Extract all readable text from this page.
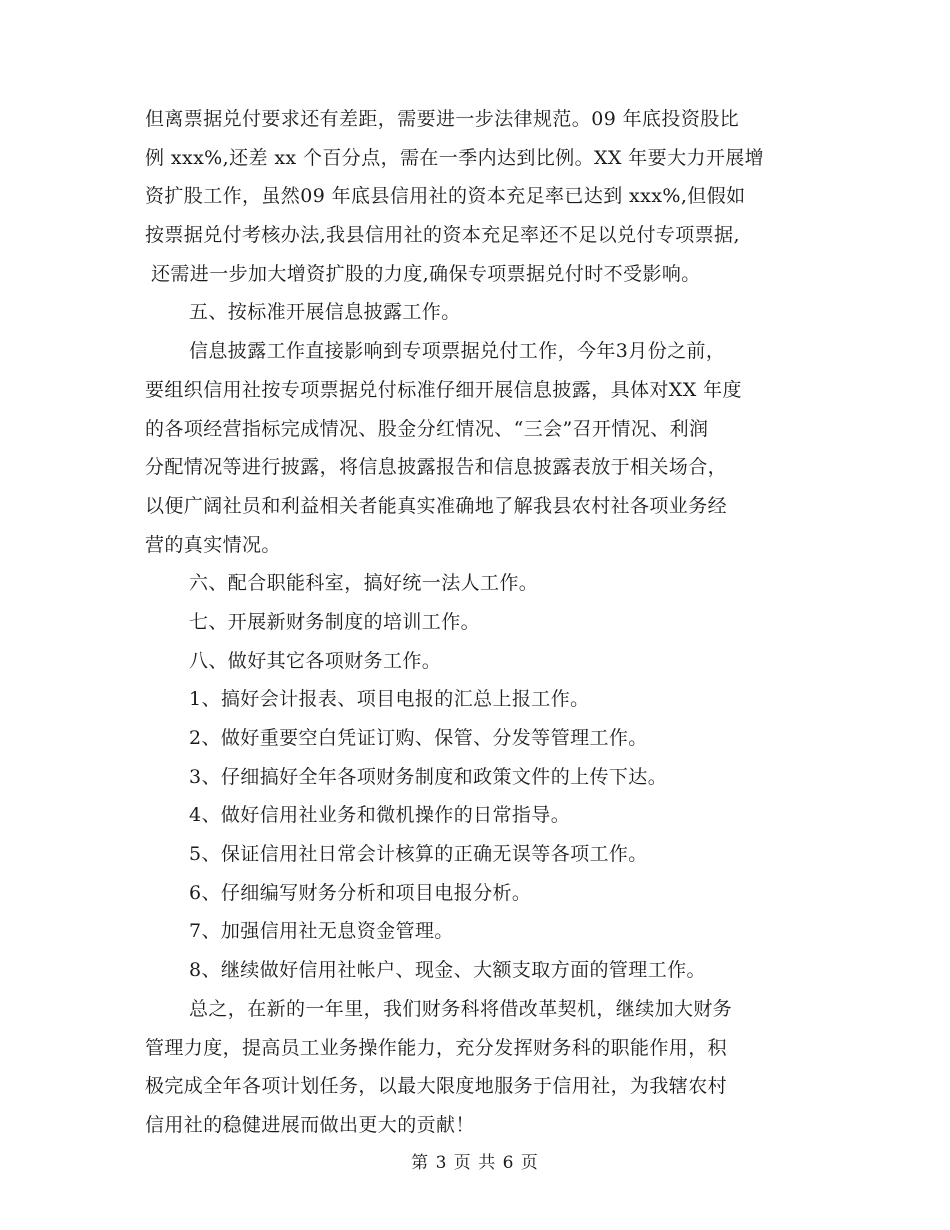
但离票据兑付要求还有差距，需要进一步法律规范。09 年底投资股比
例 xxx%,还差 xx 个百分点，需在一季内达到比例。XX 年要大力开展增
资扩股工作，虽然09 年底县信用社的资本充足率已达到 xxx%,但假如
按票据兑付考核办法,我县信用社的资本充足率还不足以兑付专项票据,
还需进一步加大增资扩股的力度,确保专项票据兑付时不受影响。
五、按标准开展信息披露工作。
信息披露工作直接影响到专项票据兑付工作，今年3月份之前，
要组织信用社按专项票据兑付标准仔细开展信息披露，具体对XX 年度
的各项经营指标完成情况、股金分红情况、“三会”召开情况、利润
分配情况等进行披露，将信息披露报告和信息披露表放于相关场合，
以便广阔社员和利益相关者能真实准确地了解我县农村社各项业务经
营的真实情况。
六、配合职能科室，搞好统一法人工作。
七、开展新财务制度的培训工作。
八、做好其它各项财务工作。
1、搞好会计报表、项目电报的汇总上报工作。
2、做好重要空白凭证订购、保管、分发等管理工作。
3、仔细搞好全年各项财务制度和政策文件的上传下达。
4、做好信用社业务和微机操作的日常指导。
5、保证信用社日常会计核算的正确无误等各项工作。
6、仔细编写财务分析和项目电报分析。
7、加强信用社无息资金管理。
8、继续做好信用社帐户、现金、大额支取方面的管理工作。
总之，在新的一年里，我们财务科将借改革契机，继续加大财务
管理力度，提高员工业务操作能力，充分发挥财务科的职能作用，积
极完成全年各项计划任务，以最大限度地服务于信用社，为我辖农村
信用社的稳健进展而做出更大的贡献！
第 3 页 共 6 页
